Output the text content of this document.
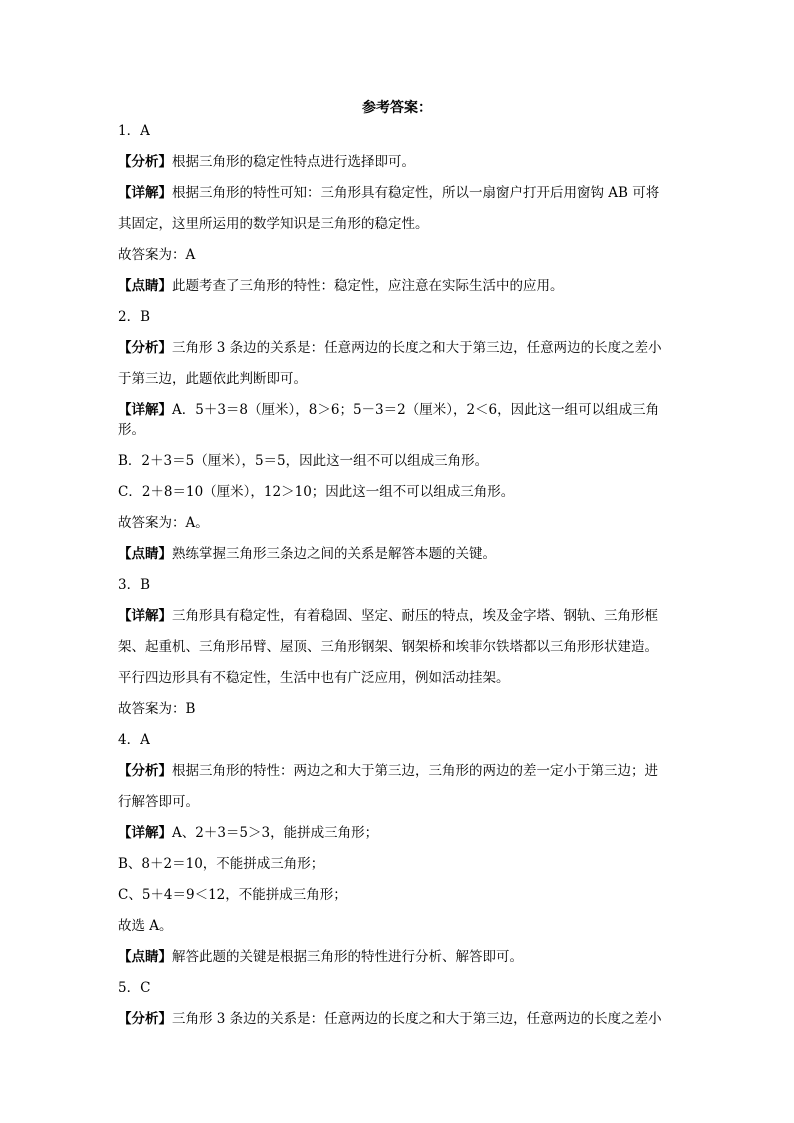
参考答案：
1．A
【分析】根据三角形的稳定性特点进行选择即可。
【详解】根据三角形的特性可知：三角形具有稳定性，所以一扇窗户打开后用窗钩 AB 可将
其固定，这里所运用的数学知识是三角形的稳定性。
故答案为：A
【点睛】此题考查了三角形的特性：稳定性，应注意在实际生活中的应用。
2．B
【分析】三角形 3 条边的关系是：任意两边的长度之和大于第三边，任意两边的长度之差小
于第三边，此题依此判断即可。
【详解】A．5＋3＝8（厘米），8＞6；5－3＝2（厘米），2＜6，因此这一组可以组成三角形。
B．2＋3＝5（厘米），5＝5，因此这一组不可以组成三角形。
C．2＋8＝10（厘米），12＞10；因此这一组不可以组成三角形。
故答案为：A。
【点睛】熟练掌握三角形三条边之间的关系是解答本题的关键。
3．B
【详解】三角形具有稳定性，有着稳固、坚定、耐压的特点，埃及金字塔、钢轨、三角形框
架、起重机、三角形吊臂、屋顶、三角形钢架、钢架桥和埃菲尔铁塔都以三角形形状建造。
平行四边形具有不稳定性，生活中也有广泛应用，例如活动挂架。
故答案为：B
4．A
【分析】根据三角形的特性：两边之和大于第三边，三角形的两边的差一定小于第三边；进
行解答即可。
【详解】A、2＋3＝5＞3，能拼成三角形；
B、8＋2＝10，不能拼成三角形；
C、5＋4＝9＜12，不能拼成三角形；
故选 A。
【点睛】解答此题的关键是根据三角形的特性进行分析、解答即可。
5．C
【分析】三角形 3 条边的关系是：任意两边的长度之和大于第三边，任意两边的长度之差小
